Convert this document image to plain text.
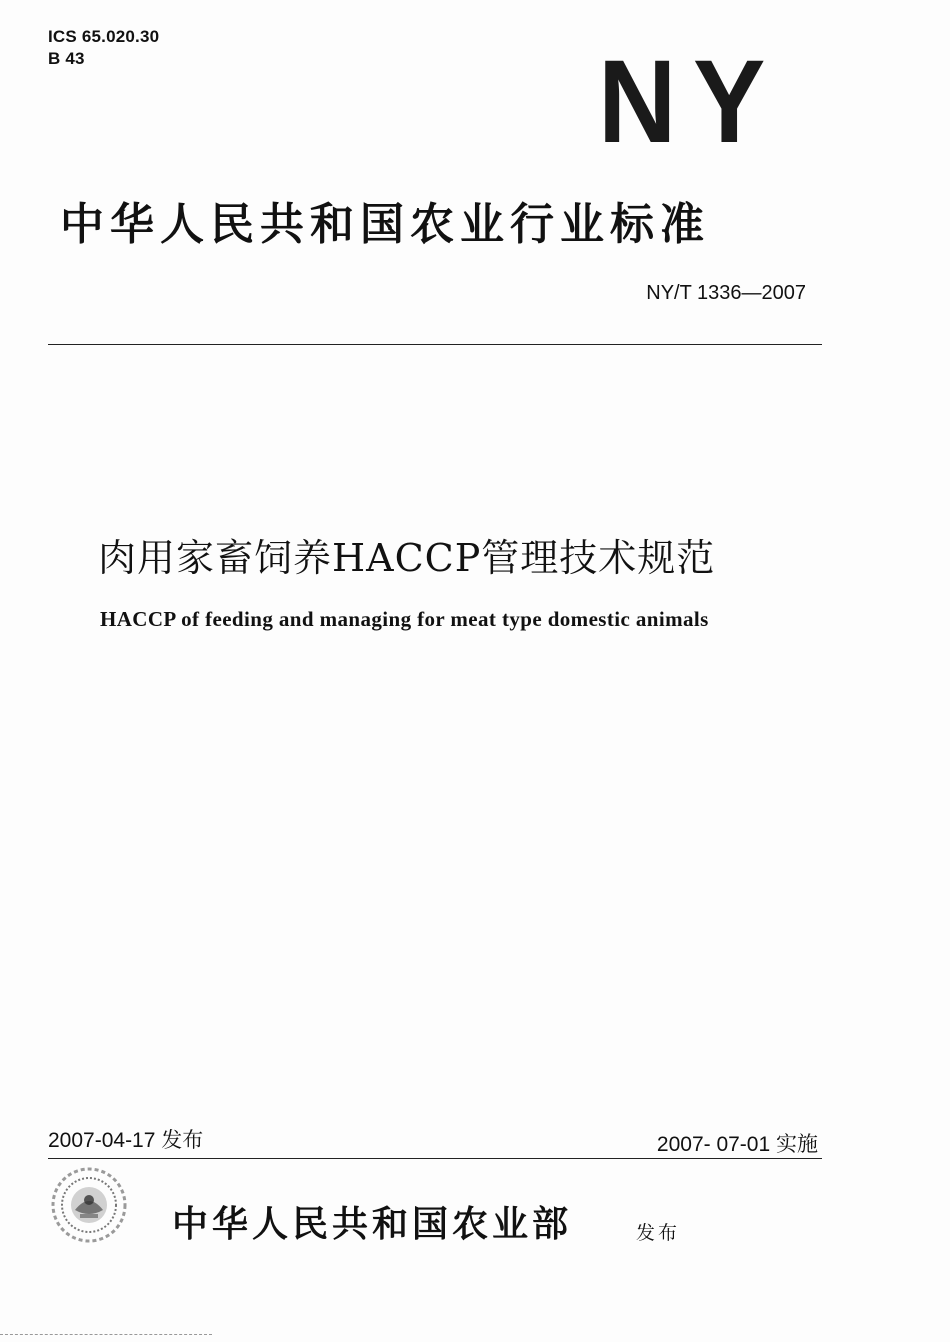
ICS 65.020.30
B 43	NY
中华人民共和国农业行业标准
NY/T 1336—2007
肉用家畜饲养HACCP管理技术规范
HACCP of feeding and managing for meat type domestic animals
2007-04-17 发布	2007- 07-01 实施
中华人民共和国农业部	发布
